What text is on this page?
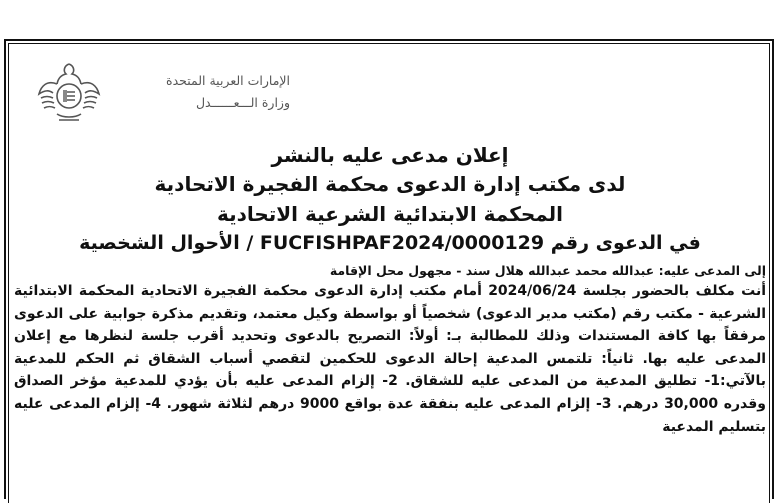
الإمارات العربية المتحدة
وزارة الـــعــــــدل
إعلان مدعى عليه بالنشر
لدى مكتب إدارة الدعوى محكمة الفجيرة الاتحادية
المحكمة الابتدائية الشرعية الاتحادية
في الدعوى رقم FUCFISHPAF2024/0000129 / الأحوال الشخصية
إلى المدعى عليه: عبدالله محمد عبدالله هلال سند - مجهول محل الإقامة
أنت مكلف بالحضور بجلسة 2024/06/24 أمام مكتب إدارة الدعوى محكمة الفجيرة الاتحادية المحكمة الابتدائية الشرعية - مكتب رقم (مكتب مدير الدعوى) شخصياً أو بواسطة وكيل معتمد، وتقديم مذكرة جوابية على الدعوى مرفقاً بها كافة المستندات وذلك للمطالبة بـ: أولاً: التصريح بالدعوى وتحديد أقرب جلسة لنظرها مع إعلان المدعى عليه بها. ثانياً: تلتمس المدعية إحالة الدعوى للحكمين لتقصي أسباب الشقاق ثم الحكم للمدعية بالآتي:1- تطليق المدعية من المدعى عليه للشقاق. 2- إلزام المدعى عليه بأن يؤدي للمدعية مؤخر الصداق وقدره 30,000 درهم. 3- إلزام المدعى عليه بنفقة عدة بواقع 9000 درهم لثلاثة شهور. 4- إلزام المدعى عليه بتسليم المدعية
